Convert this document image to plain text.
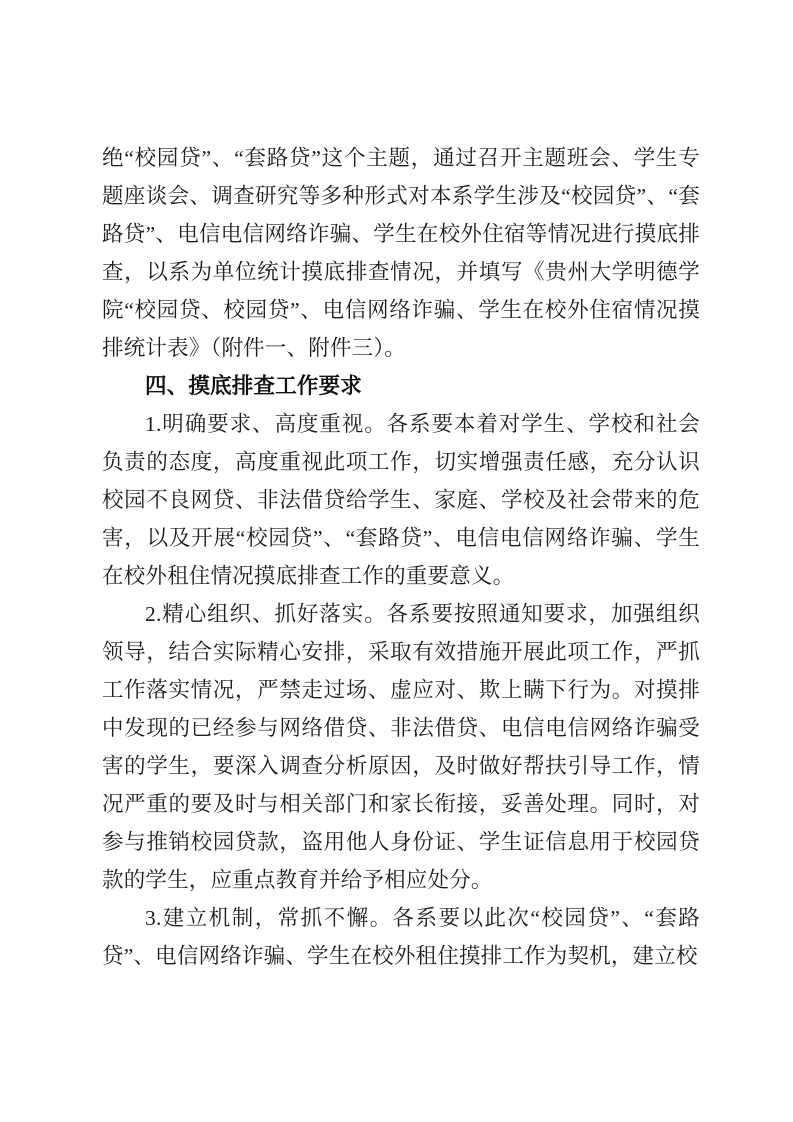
绝“校园贷”、“套路贷”这个主题，通过召开主题班会、学生专题座谈会、调查研究等多种形式对本系学生涉及“校园贷”、“套路贷”、电信电信网络诈骗、学生在校外住宿等情况进行摸底排查，以系为单位统计摸底排查情况，并填写《贵州大学明德学院“校园贷、校园贷”、电信网络诈骗、学生在校外住宿情况摸排统计表》（附件一、附件三）。

四、摸底排查工作要求

1.明确要求、高度重视。各系要本着对学生、学校和社会负责的态度，高度重视此项工作，切实增强责任感，充分认识校园不良网贷、非法借贷给学生、家庭、学校及社会带来的危害，以及开展“校园贷”、“套路贷”、电信电信网络诈骗、学生在校外租住情况摸底排查工作的重要意义。

2.精心组织、抓好落实。各系要按照通知要求，加强组织领导，结合实际精心安排，采取有效措施开展此项工作，严抓工作落实情况，严禁走过场、虚应对、欺上瞒下行为。对摸排中发现的已经参与网络借贷、非法借贷、电信电信网络诈骗受害的学生，要深入调查分析原因，及时做好帮扶引导工作，情况严重的要及时与相关部门和家长衔接，妥善处理。同时，对参与推销校园贷款，盗用他人身份证、学生证信息用于校园贷款的学生，应重点教育并给予相应处分。

3.建立机制，常抓不懈。各系要以此次“校园贷”、“套路贷”、电信网络诈骗、学生在校外租住摸排工作为契机，建立校
